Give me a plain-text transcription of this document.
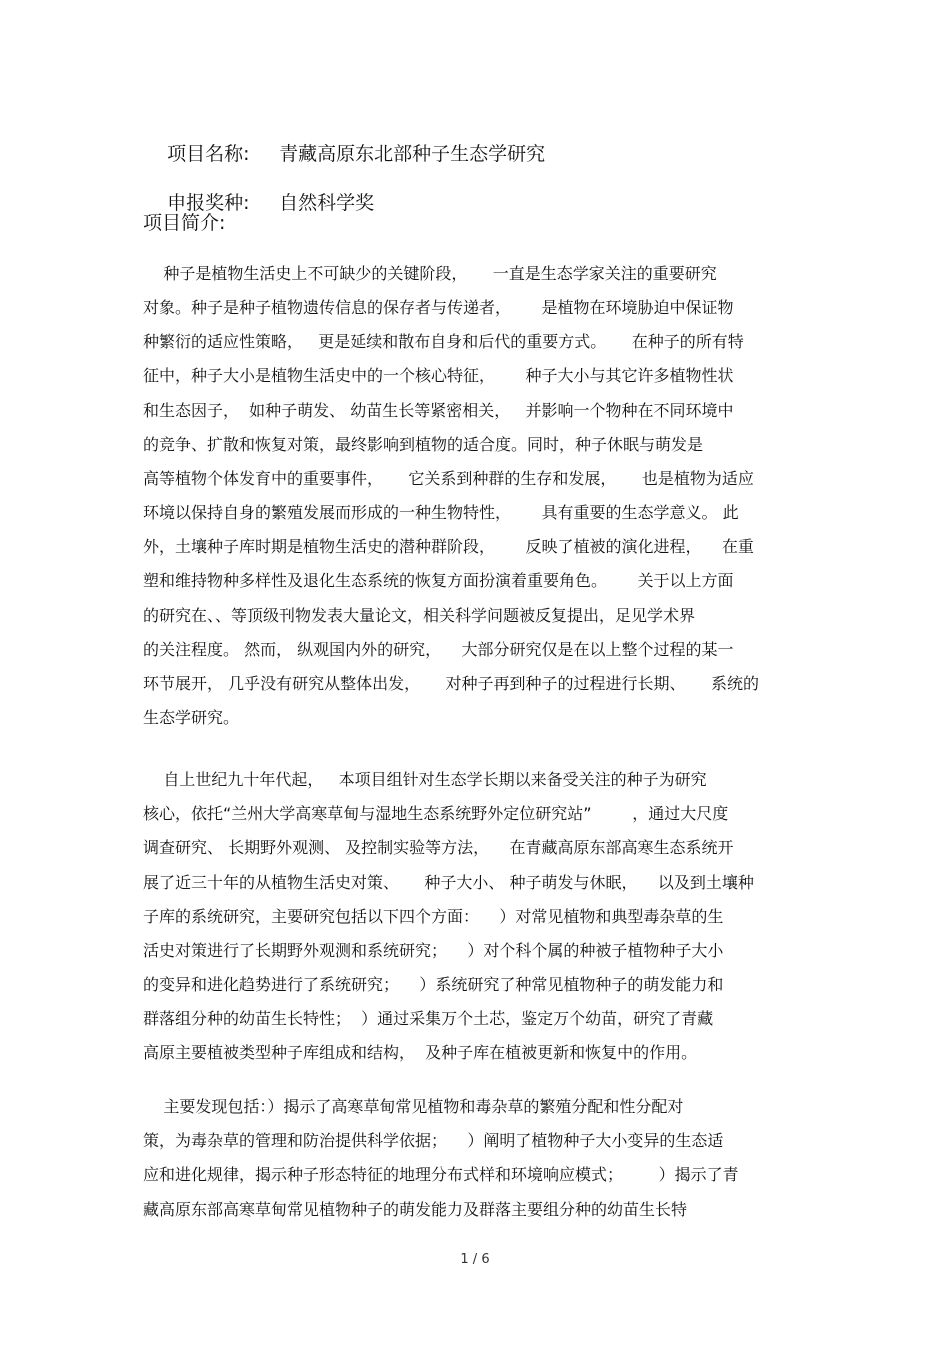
项目名称: 青藏高原东北部种子生态学研究

申报奖种: 自然科学奖

项目简介:
种子是植物生活史上不可缺少的关键阶段，     一直是生态学家关注的重要研究
对象。种子是种子植物遗传信息的保存者与传递者，      是植物在环境胁迫中保证物
种繁衍的适应性策略，   更是延续和散布自身和后代的重要方式。     在种子的所有特
征中，种子大小是植物生活史中的一个核心特征，      种子大小与其它许多植物性状
和生态因子，  如种子萌发、 幼苗生长等紧密相关，   并影响一个物种在不同环境中
的竞争、扩散和恢复对策，最终影响到植物的适合度。同时，种子休眠与萌发是
高等植物个体发育中的重要事件，     它关系到种群的生存和发展，     也是植物为适应
环境以保持自身的繁殖发展而形成的一种生物特性，      具有重要的生态学意义。 此
外，土壤种子库时期是植物生活史的潜种群阶段，      反映了植被的演化进程，    在重
塑和维持物种多样性及退化生态系统的恢复方面扮演着重要角色。      关于以上方面
的研究在、、等顶级刊物发表大量论文，相关科学问题被反复提出，足见学术界
的关注程度。 然而， 纵观国内外的研究，    大部分研究仅是在以上整个过程的某一
环节展开， 几乎没有研究从整体出发，     对种子再到种子的过程进行长期、     系统的
生态学研究。
自上世纪九十年代起，   本项目组针对生态学长期以来备受关注的种子为研究
核心，依托“兰州大学高寒草甸与湿地生态系统野外定位研究站”        ，通过大尺度
调查研究、 长期野外观测、 及控制实验等方法，    在青藏高原东部高寒生态系统开
展了近三十年的从植物生活史对策、     种子大小、 种子萌发与休眠，    以及到土壤种
子库的系统研究，主要研究包括以下四个方面：    ）对常见植物和典型毒杂草的生
活史对策进行了长期野外观测和系统研究；    ）对个科个属的种被子植物种子大小
的变异和进化趋势进行了系统研究；    ）系统研究了种常见植物种子的萌发能力和
群落组分种的幼苗生长特性；  ）通过采集万个土芯，鉴定万个幼苗，研究了青藏
高原主要植被类型种子库组成和结构，  及种子库在植被更新和恢复中的作用。
主要发现包括：）揭示了高寒草甸常见植物和毒杂草的繁殖分配和性分配对
策，为毒杂草的管理和防治提供科学依据；    ）阐明了植物种子大小变异的生态适
应和进化规律，揭示种子形态特征的地理分布式样和环境响应模式；       ）揭示了青
藏高原东部高寒草甸常见植物种子的萌发能力及群落主要组分种的幼苗生长特
1 / 6
